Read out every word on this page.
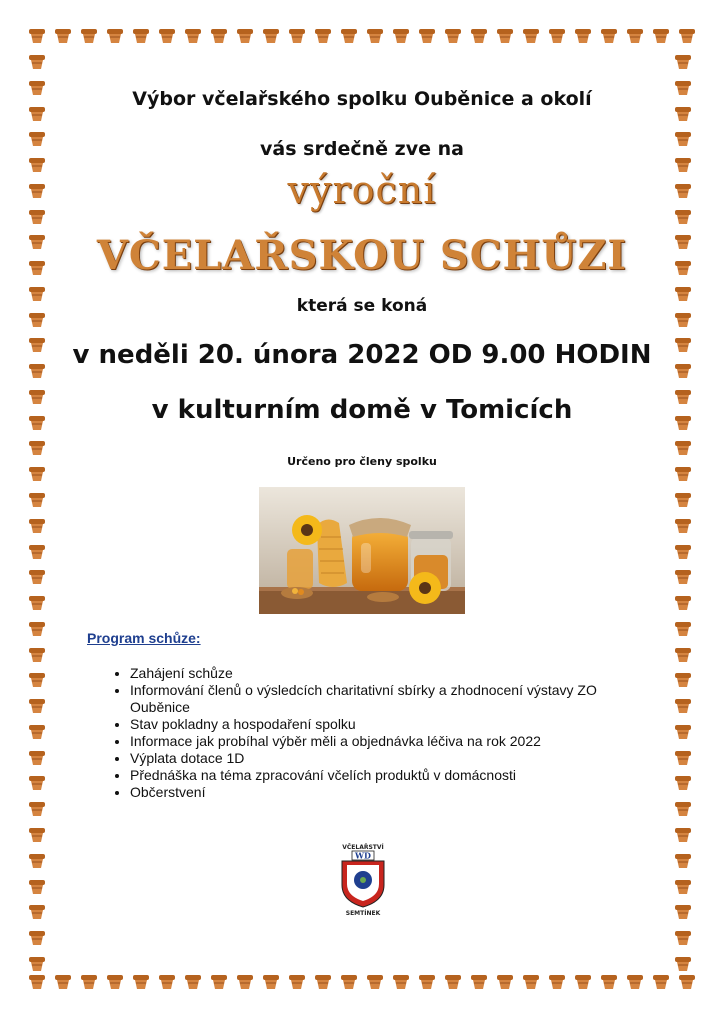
Výbor včelařského spolku Ouběnice a okolí
vás srdečně zve na
výroční
VČELAŘSKOU SCHŮZI
která se koná
v neděli 20. února 2022 OD 9.00 HODIN
v kulturním domě v Tomicích
Určeno pro členy spolku
Program schůze:
• Zahájení schůze
• Informování členů o výsledcích charitativní sbírky a zhodnocení výstavy ZO Ouběnice
• Stav pokladny a hospodaření spolku
• Informace jak probíhal výběr měli a objednávka léčiva na rok 2022
• Výplata dotace 1D
• Přednáška na téma zpracování včelích produktů v domácnosti
• Občerstvení
VČELAŘSTVÍ
WD
SEMTÍNEK
